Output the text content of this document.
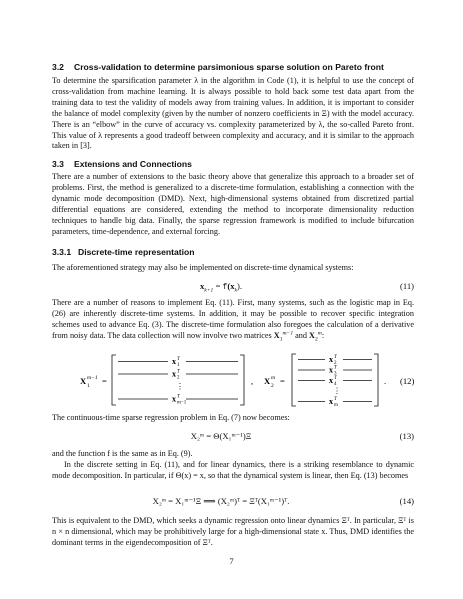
3.2 Cross-validation to determine parsimonious sparse solution on Pareto front

To determine the sparsification parameter λ in the algorithm in Code (1), it is helpful to use the concept of cross-validation from machine learning. It is always possible to hold back some test data apart from the training data to test the validity of models away from training values. In addition, it is important to consider the balance of model complexity (given by the number of nonzero coefficients in Ξ) with the model accuracy. There is an “elbow” in the curve of accuracy vs. complexity parameterized by λ, the so-called Pareto front. This value of λ represents a good tradeoff between complexity and accuracy, and it is similar to the approach taken in [3].

3.3 Extensions and Connections

There are a number of extensions to the basic theory above that generalize this approach to a broader set of problems. First, the method is generalized to a discrete-time formulation, establishing a connection with the dynamic mode decomposition (DMD). Next, high-dimensional systems obtained from discretized partial differential equations are considered, extending the method to incorporate dimensionality reduction techniques to handle big data. Finally, the sparse regression framework is modified to include bifurcation parameters, time-dependence, and external forcing.

3.3.1 Discrete-time representation

The aforementioned strategy may also be implemented on discrete-time dynamical systems:

$x_{k+1} = f(x_k)$.	(11)

There are a number of reasons to implement Eq. (11). First, many systems, such as the logistic map in Eq. (26) are inherently discrete-time systems. In addition, it may be possible to recover specific integration schemes used to advance Eq. (3). The discrete-time formulation also foregoes the calculation of a derivative from noisy data. The data collection will now involve two matrices $X_1^{m-1}$ and $X_2^m$:

X 1
m−1 =
x T
1
x T
2
⋮
x T
m−1
, X 2
m =
x T
2
x T
3
x T
4
⋮
x T
m
. (12)

The continuous-time sparse regression problem in Eq. (7) now becomes:

X₂ᵐ = Θ(X₁ᵐ⁻¹)Ξ	(13)

and the function f is the same as in Eq. (9).

In the discrete setting in Eq. (11), and for linear dynamics, there is a striking resemblance to dynamic mode decomposition. In particular, if Θ(x) = x, so that the dynamical system is linear, then Eq. (13) becomes

X₂ᵐ = X₁ᵐ⁻¹Ξ ⟹ (X₂ᵐ)ᵀ = Ξᵀ(X₁ᵐ⁻¹)ᵀ.	(14)

This is equivalent to the DMD, which seeks a dynamic regression onto linear dynamics Ξᵀ. In particular, Ξᵀ is n × n dimensional, which may be prohibitively large for a high-dimensional state x. Thus, DMD identifies the dominant terms in the eigendecomposition of Ξᵀ.

7
